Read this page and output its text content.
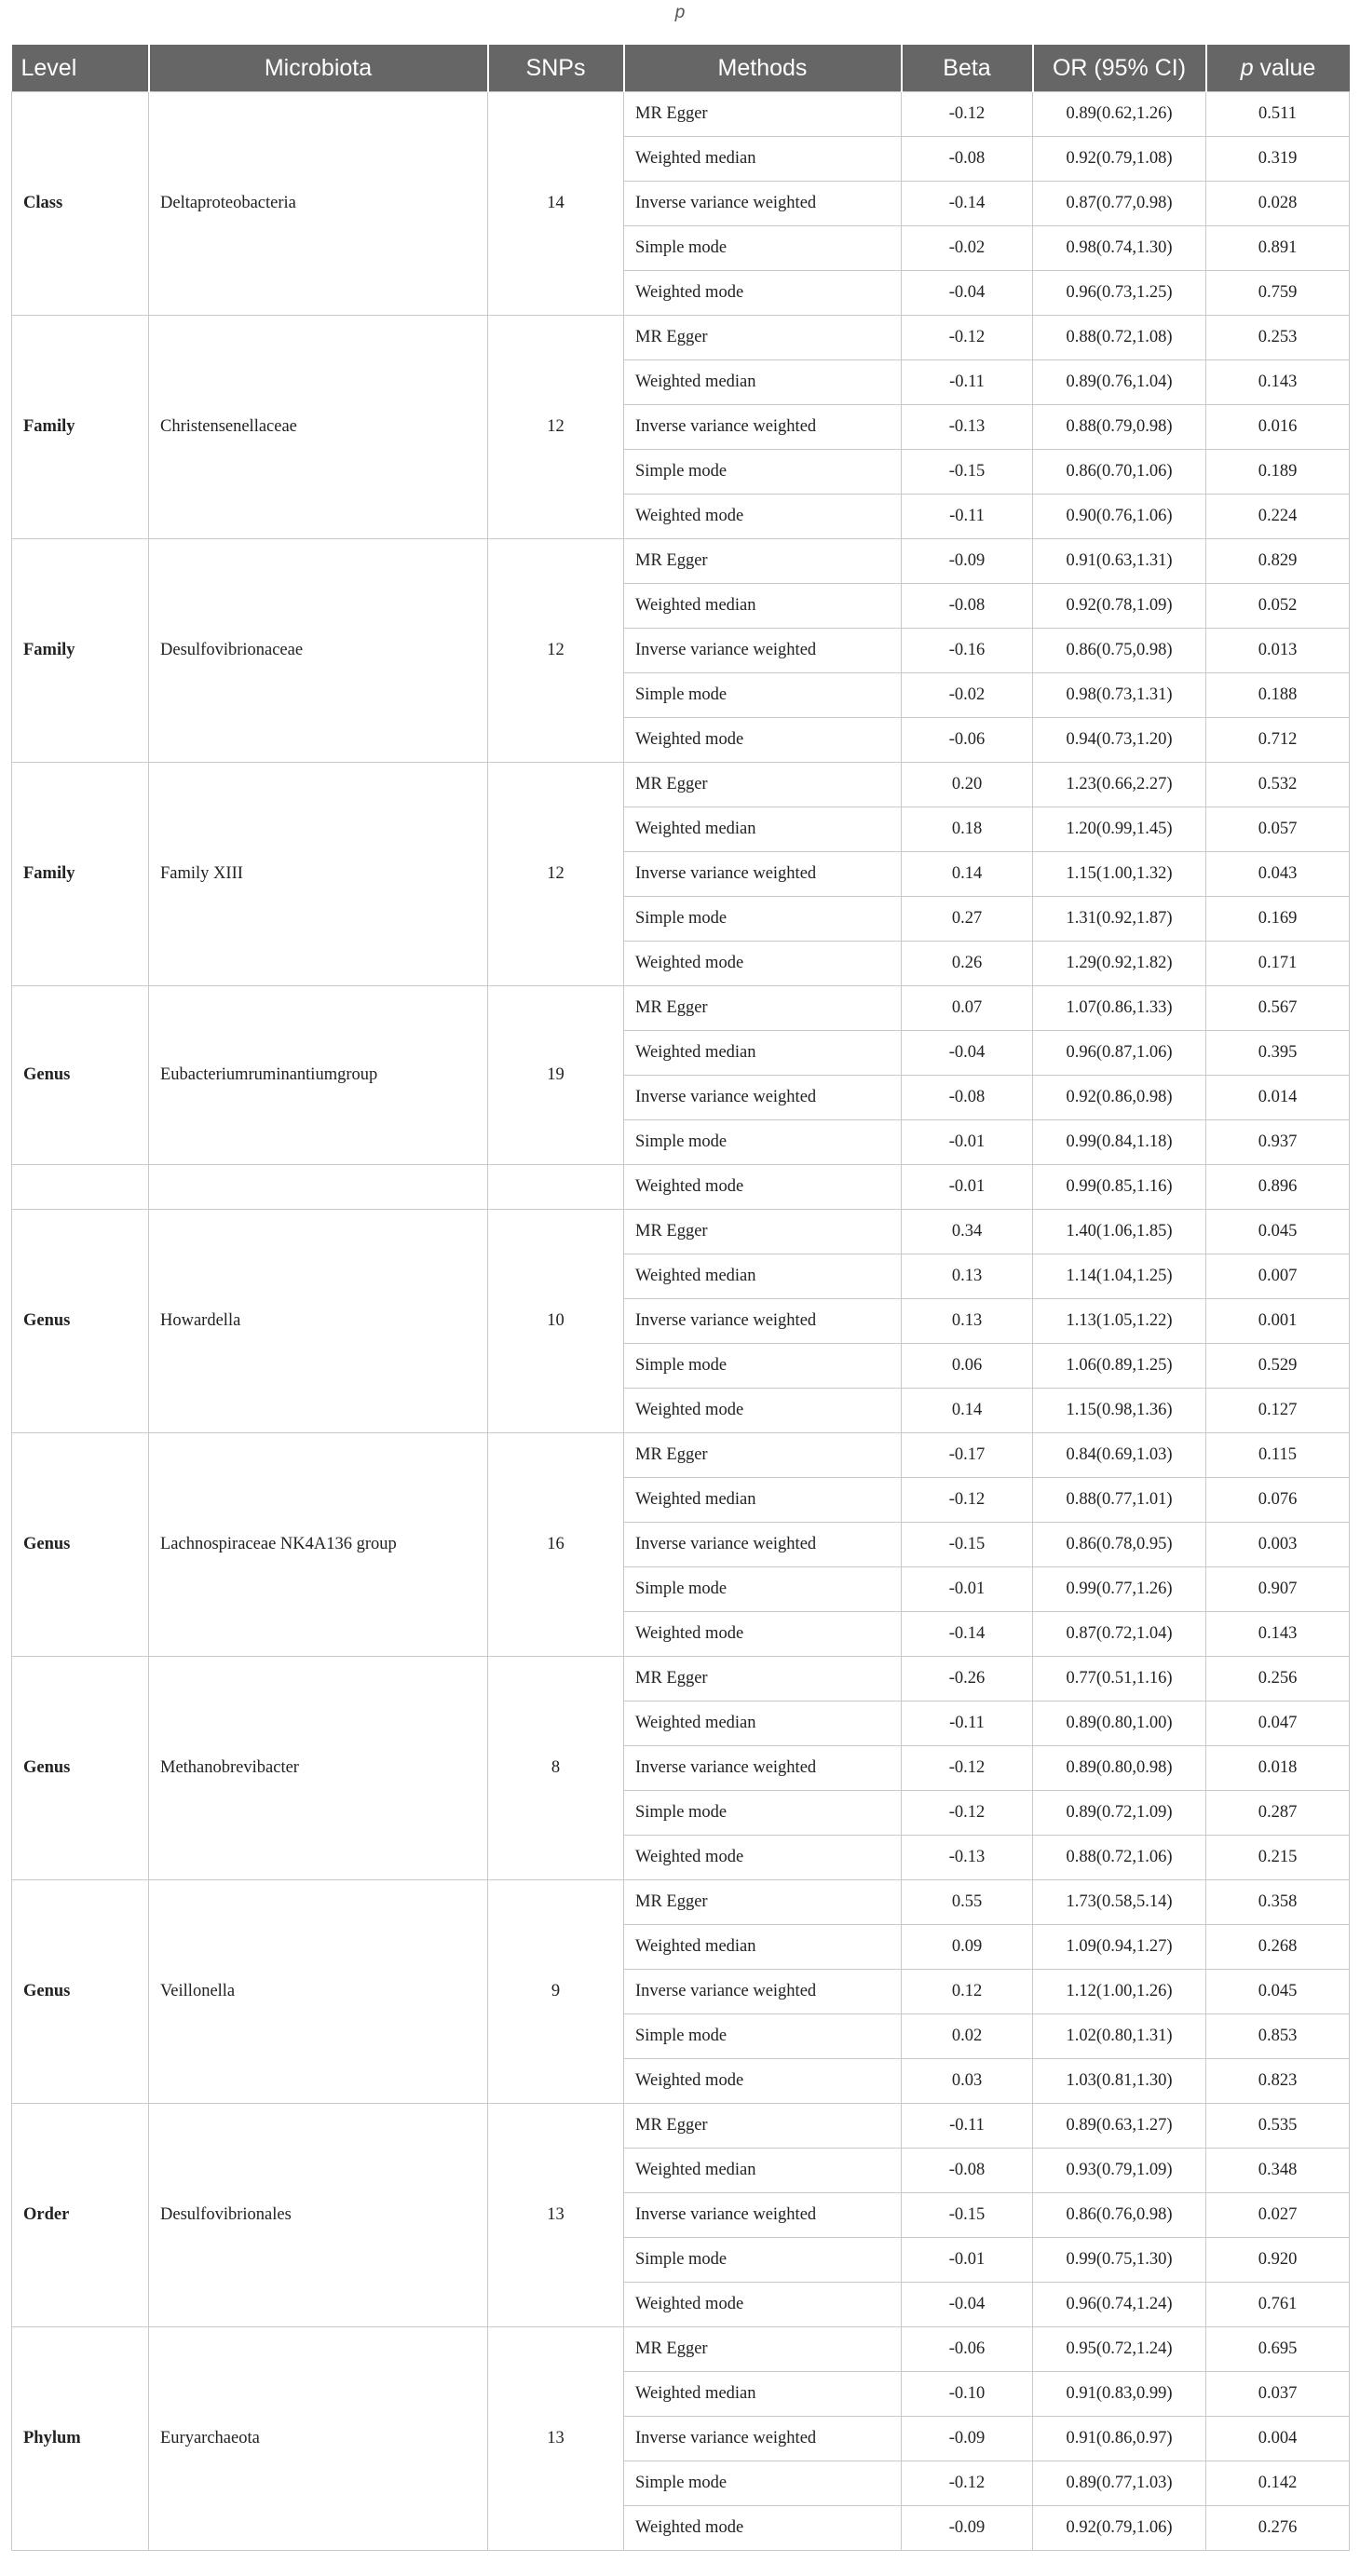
p
Level	Microbiota	SNPs	Methods	Beta	OR (95% CI)	p value
Class	Deltaproteobacteria	14	MR Egger	-0.12	0.89(0.62,1.26)	0.511
			Weighted median	-0.08	0.92(0.79,1.08)	0.319
			Inverse variance weighted	-0.14	0.87(0.77,0.98)	0.028
			Simple mode	-0.02	0.98(0.74,1.30)	0.891
			Weighted mode	-0.04	0.96(0.73,1.25)	0.759
Family	Christensenellaceae	12	MR Egger	-0.12	0.88(0.72,1.08)	0.253
			Weighted median	-0.11	0.89(0.76,1.04)	0.143
			Inverse variance weighted	-0.13	0.88(0.79,0.98)	0.016
			Simple mode	-0.15	0.86(0.70,1.06)	0.189
			Weighted mode	-0.11	0.90(0.76,1.06)	0.224
Family	Desulfovibrionaceae	12	MR Egger	-0.09	0.91(0.63,1.31)	0.829
			Weighted median	-0.08	0.92(0.78,1.09)	0.052
			Inverse variance weighted	-0.16	0.86(0.75,0.98)	0.013
			Simple mode	-0.02	0.98(0.73,1.31)	0.188
			Weighted mode	-0.06	0.94(0.73,1.20)	0.712
Family	Family XIII	12	MR Egger	0.20	1.23(0.66,2.27)	0.532
			Weighted median	0.18	1.20(0.99,1.45)	0.057
			Inverse variance weighted	0.14	1.15(1.00,1.32)	0.043
			Simple mode	0.27	1.31(0.92,1.87)	0.169
			Weighted mode	0.26	1.29(0.92,1.82)	0.171
Genus	Eubacteriumruminantiumgroup	19	MR Egger	0.07	1.07(0.86,1.33)	0.567
			Weighted median	-0.04	0.96(0.87,1.06)	0.395
			Inverse variance weighted	-0.08	0.92(0.86,0.98)	0.014
			Simple mode	-0.01	0.99(0.84,1.18)	0.937
			Weighted mode	-0.01	0.99(0.85,1.16)	0.896
Genus	Howardella	10	MR Egger	0.34	1.40(1.06,1.85)	0.045
			Weighted median	0.13	1.14(1.04,1.25)	0.007
			Inverse variance weighted	0.13	1.13(1.05,1.22)	0.001
			Simple mode	0.06	1.06(0.89,1.25)	0.529
			Weighted mode	0.14	1.15(0.98,1.36)	0.127
Genus	Lachnospiraceae NK4A136 group	16	MR Egger	-0.17	0.84(0.69,1.03)	0.115
			Weighted median	-0.12	0.88(0.77,1.01)	0.076
			Inverse variance weighted	-0.15	0.86(0.78,0.95)	0.003
			Simple mode	-0.01	0.99(0.77,1.26)	0.907
			Weighted mode	-0.14	0.87(0.72,1.04)	0.143
Genus	Methanobrevibacter	8	MR Egger	-0.26	0.77(0.51,1.16)	0.256
			Weighted median	-0.11	0.89(0.80,1.00)	0.047
			Inverse variance weighted	-0.12	0.89(0.80,0.98)	0.018
			Simple mode	-0.12	0.89(0.72,1.09)	0.287
			Weighted mode	-0.13	0.88(0.72,1.06)	0.215
Genus	Veillonella	9	MR Egger	0.55	1.73(0.58,5.14)	0.358
			Weighted median	0.09	1.09(0.94,1.27)	0.268
			Inverse variance weighted	0.12	1.12(1.00,1.26)	0.045
			Simple mode	0.02	1.02(0.80,1.31)	0.853
			Weighted mode	0.03	1.03(0.81,1.30)	0.823
Order	Desulfovibrionales	13	MR Egger	-0.11	0.89(0.63,1.27)	0.535
			Weighted median	-0.08	0.93(0.79,1.09)	0.348
			Inverse variance weighted	-0.15	0.86(0.76,0.98)	0.027
			Simple mode	-0.01	0.99(0.75,1.30)	0.920
			Weighted mode	-0.04	0.96(0.74,1.24)	0.761
Phylum	Euryarchaeota	13	MR Egger	-0.06	0.95(0.72,1.24)	0.695
			Weighted median	-0.10	0.91(0.83,0.99)	0.037
			Inverse variance weighted	-0.09	0.91(0.86,0.97)	0.004
			Simple mode	-0.12	0.89(0.77,1.03)	0.142
			Weighted mode	-0.09	0.92(0.79,1.06)	0.276
